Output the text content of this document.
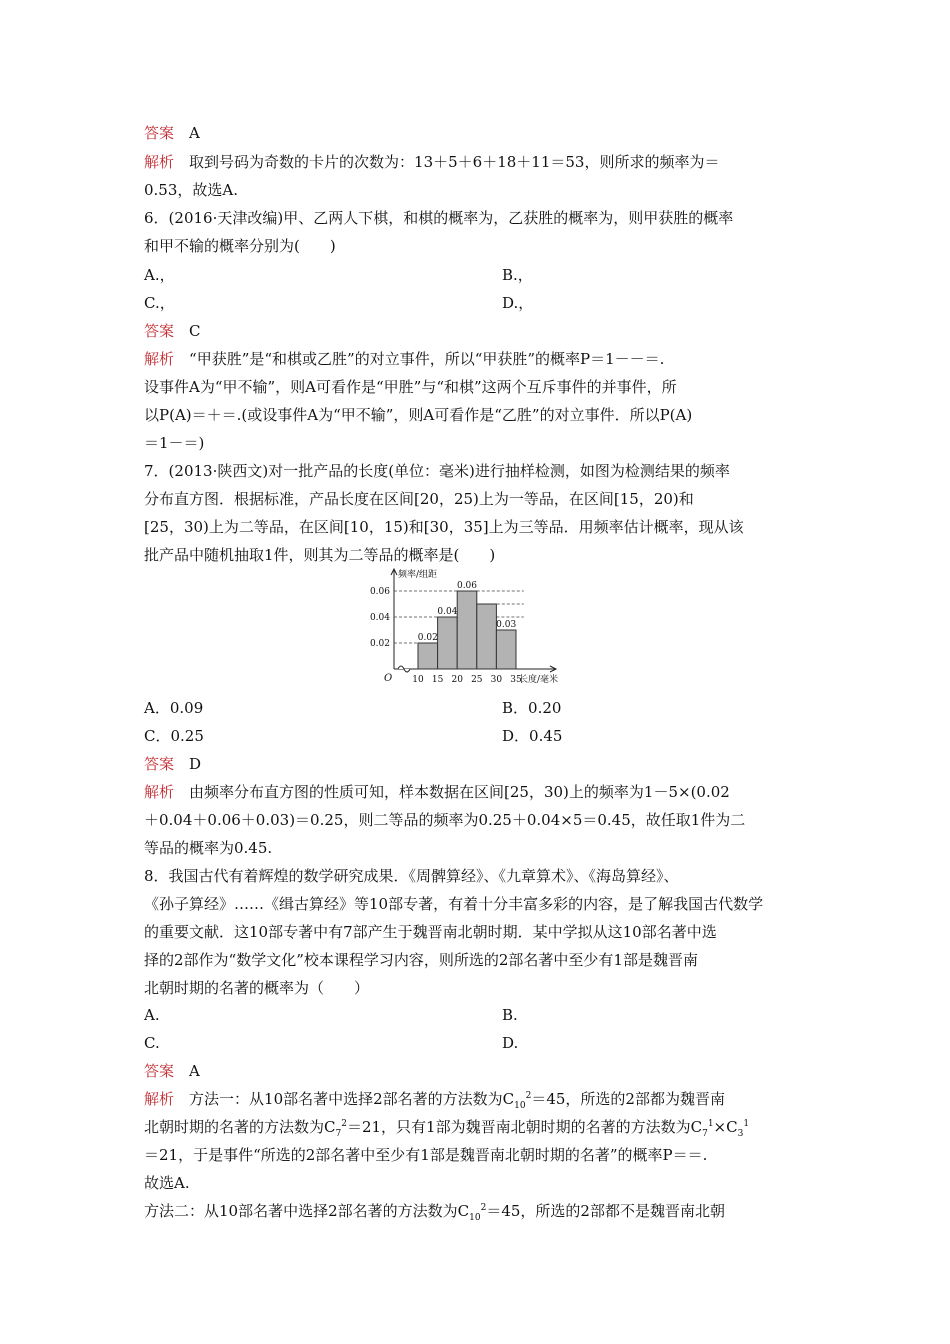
答案　 A
解析　 取到号码为奇数的卡片的次数为：13＋5＋6＋18＋11＝53，则所求的频率为＝
0.53，故选A.
6．(2016·天津改编)甲、乙两人下棋，和棋的概率为，乙获胜的概率为，则甲获胜的概率
和甲不输的概率分别为(　　)
A.，	B.，
C.，	D.，
答案　 C
解析　 “甲获胜”是“和棋或乙胜”的对立事件，所以“甲获胜”的概率P＝1－－＝.
设事件A为“甲不输”，则A可看作是“甲胜”与“和棋”这两个互斥事件的并事件，所
以P(A)＝＋＝.(或设事件A为“甲不输”，则A可看作是“乙胜”的对立事件．所以P(A)
＝1－＝)
7．(2013·陕西文)对一批产品的长度(单位：毫米)进行抽样检测，如图为检测结果的频率
分布直方图．根据标准，产品长度在区间[20，25)上为一等品，在区间[15，20)和
[25，30)上为二等品，在区间[10，15)和[30，35]上为三等品．用频率估计概率，现从该
批产品中随机抽取1件，则其为二等品的概率是(　　)
0.02
0.04
0.06
0.02
0.04
0.06
0.03
10 15 20 25 30 35
频率/组距
长度/毫米
O
A．0.09	B．0.20
C．0.25	D．0.45
答案　 D
解析　 由频率分布直方图的性质可知，样本数据在区间[25，30)上的频率为1－5×(0.02
＋0.04＋0.06＋0.03)＝0.25，则二等品的频率为0.25＋0.04×5＝0.45，故任取1件为二
等品的概率为0.45.
8．我国古代有着辉煌的数学研究成果．《周髀算经》、《九章算术》、《海岛算经》、
《孙子算经》……《缉古算经》等10部专著，有着十分丰富多彩的内容，是了解我国古代数学
的重要文献．这10部专著中有7部产生于魏晋南北朝时期．某中学拟从这10部名著中选
择的2部作为“数学文化”校本课程学习内容，则所选的2部名著中至少有1部是魏晋南
北朝时期的名著的概率为（　　）
A.	B.
C.	D.
答案　 A
解析　 方法一：从10部名著中选择2部名著的方法数为$C_{10}^2=45$，所选的2部都为魏晋南
北朝时期的名著的方法数为$C_7^2=21$，只有1部为魏晋南北朝时期的名著的方法数为$C_7^1\times C_3^1$
＝21，于是事件“所选的2部名著中至少有1部是魏晋南北朝时期的名著”的概率P＝＝.
故选A.
方法二：从10部名著中选择2部名著的方法数为$C_{10}^2=45$，所选的2部都不是魏晋南北朝
